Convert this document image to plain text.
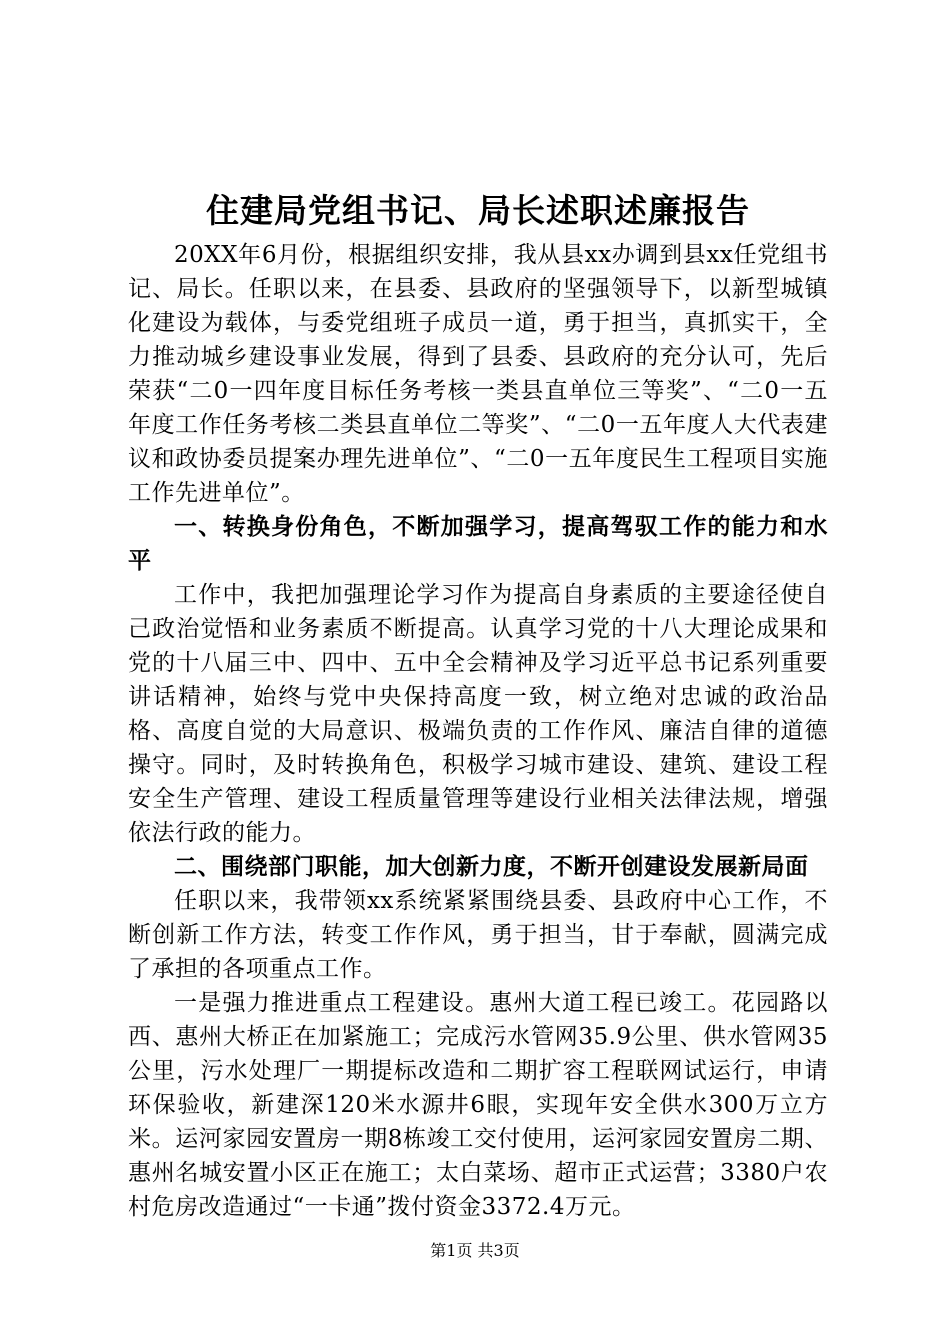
住建局党组书记、局长述职述廉报告

20XX年6月份，根据组织安排，我从县xx办调到县xx任党组书记、局长。任职以来，在县委、县政府的坚强领导下，以新型城镇化建设为载体，与委党组班子成员一道，勇于担当，真抓实干，全力推动城乡建设事业发展，得到了县委、县政府的充分认可，先后荣获“二0一四年度目标任务考核一类县直单位三等奖”、“二0一五年度工作任务考核二类县直单位二等奖”、“二0一五年度人大代表建议和政协委员提案办理先进单位”、“二0一五年度民生工程项目实施工作先进单位”。

一、转换身份角色，不断加强学习，提高驾驭工作的能力和水平

工作中，我把加强理论学习作为提高自身素质的主要途径使自己政治觉悟和业务素质不断提高。认真学习党的十八大理论成果和党的十八届三中、四中、五中全会精神及学习近平总书记系列重要讲话精神，始终与党中央保持高度一致，树立绝对忠诚的政治品格、高度自觉的大局意识、极端负责的工作作风、廉洁自律的道德操守。同时，及时转换角色，积极学习城市建设、建筑、建设工程安全生产管理、建设工程质量管理等建设行业相关法律法规，增强依法行政的能力。

二、围绕部门职能，加大创新力度，不断开创建设发展新局面

任职以来，我带领xx系统紧紧围绕县委、县政府中心工作，不断创新工作方法，转变工作作风，勇于担当，甘于奉献，圆满完成了承担的各项重点工作。

一是强力推进重点工程建设。惠州大道工程已竣工。花园路以西、惠州大桥正在加紧施工；完成污水管网35.9公里、供水管网35公里，污水处理厂一期提标改造和二期扩容工程联网试运行，申请环保验收，新建深120米水源井6眼，实现年安全供水300万立方米。运河家园安置房一期8栋竣工交付使用，运河家园安置房二期、惠州名城安置小区正在施工；太白菜场、超市正式运营；3380户农村危房改造通过“一卡通”拨付资金3372.4万元。

第1页 共3页
